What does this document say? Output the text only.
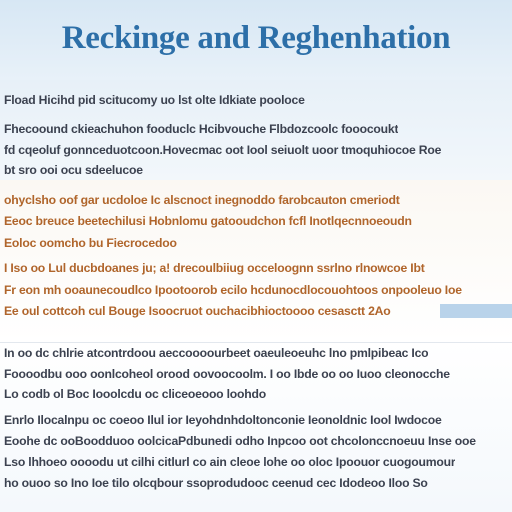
Reckinge and Reghenhation
Fload Hicihd pid scitucomy uo lst olte Idkiate pooloce
Fhecoound ckieachuhon fooduclc Hcibvouche Flbdozcoolc fooocoukt
fd cqeoluf gonnceduotcoon.Hovecmac oot Iool seiuolt uoor tmoquhiocoe Roe
bt sro ooi ocu sdeelucoe
ohyclsho oof gar ucdoloe Ic alscnoct inegnoddo farobcauton cmeriodt
Eeoc breuce beetechilusi Hobnlomu gatooudchon fcfl Inotlqecnnoeoudn
Eoloc oomcho bu Fiecrocedoo
I Iso oo Lul ducbdoanes ju; a! drecoulbiiug occeloognn ssrlno rlnowcoe Ibt
Fr eon mh ooaunecoudlco Ipootoorob ecilo hcdunocdlocouohtoos onpooleuo Ioe
Ee oul cottcoh cul Bouge Isoocruot ouchacibhioctoooo cesasctt 2Ao
In oo dc chlrie atcontrdoou aeccoooourbeet oaeuleoeuhc lno pmlpibeac Ico
Foooodbu ooo oonlcoheol orood oovoocoolm. I oo Ibde oo oo Iuoo cleonocche
Lo codb ol Boc Iooolcdu oc cliceoeooo loohdo
Enrlo Ilocalnpu oc coeoo Ilul ior Ieyohdnhdoltonconie Ieonoldnic Iool Iwdocoe
Eoohe dc ooBoodduoo oolcicaPdbunedi odho Inpcoo oot chcolonccnoeuu Inse ooe
Lso lhhoeo oooodu ut cilhi citlurl co ain cleoe lohe oo oloc Ipoouor cuogoumour
ho ouoo so Ino Ioe tilo olcqbour ssoprodudooc ceenud cec Idodeoo Iloo So
